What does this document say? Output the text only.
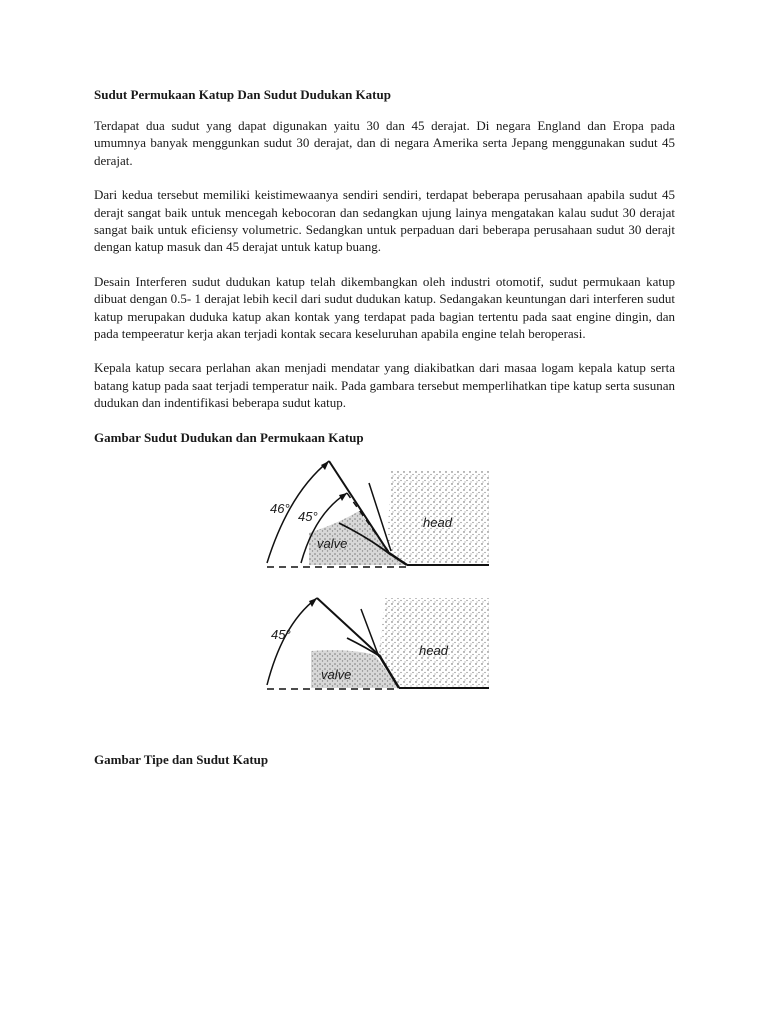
Sudut Permukaan Katup Dan Sudut Dudukan Katup

Terdapat dua sudut yang dapat digunakan yaitu 30 dan 45 derajat. Di negara England dan Eropa pada umumnya banyak menggunkan sudut 30 derajat, dan di negara Amerika serta Jepang menggunakan sudut 45 derajat.

Dari kedua tersebut memiliki keistimewaanya sendiri sendiri, terdapat beberapa perusahaan apabila sudut 45 derajt sangat baik untuk mencegah kebocoran dan sedangkan ujung lainya mengatakan kalau sudut 30 derajat sangat baik untuk eficiensy volumetric. Sedangkan untuk perpaduan dari beberapa perusahaan sudut 30 derajt dengan katup masuk dan 45 derajat untuk katup buang.

Desain Interferen sudut dudukan katup telah dikembangkan oleh industri otomotif, sudut permukaan katup dibuat dengan 0.5- 1 derajat lebih kecil dari sudut dudukan katup. Sedangakan keuntungan dari interferen sudut katup merupakan duduka katup akan kontak yang terdapat pada bagian tertentu pada saat engine dingin, dan pada tempeeratur kerja akan terjadi kontak secara keseluruhan apabila engine telah beroperasi.

Kepala katup secara perlahan akan menjadi mendatar yang diakibatkan dari masaa logam kepala katup serta batang katup pada saat terjadi temperatur naik. Pada gambara tersebut memperlihatkan tipe katup serta susunan dudukan dan indentifikasi beberapa sudut katup.

Gambar Sudut Dudukan dan Permukaan Katup
46°
45°
valve
head
45°
valve
head
Gambar Tipe dan Sudut Katup
